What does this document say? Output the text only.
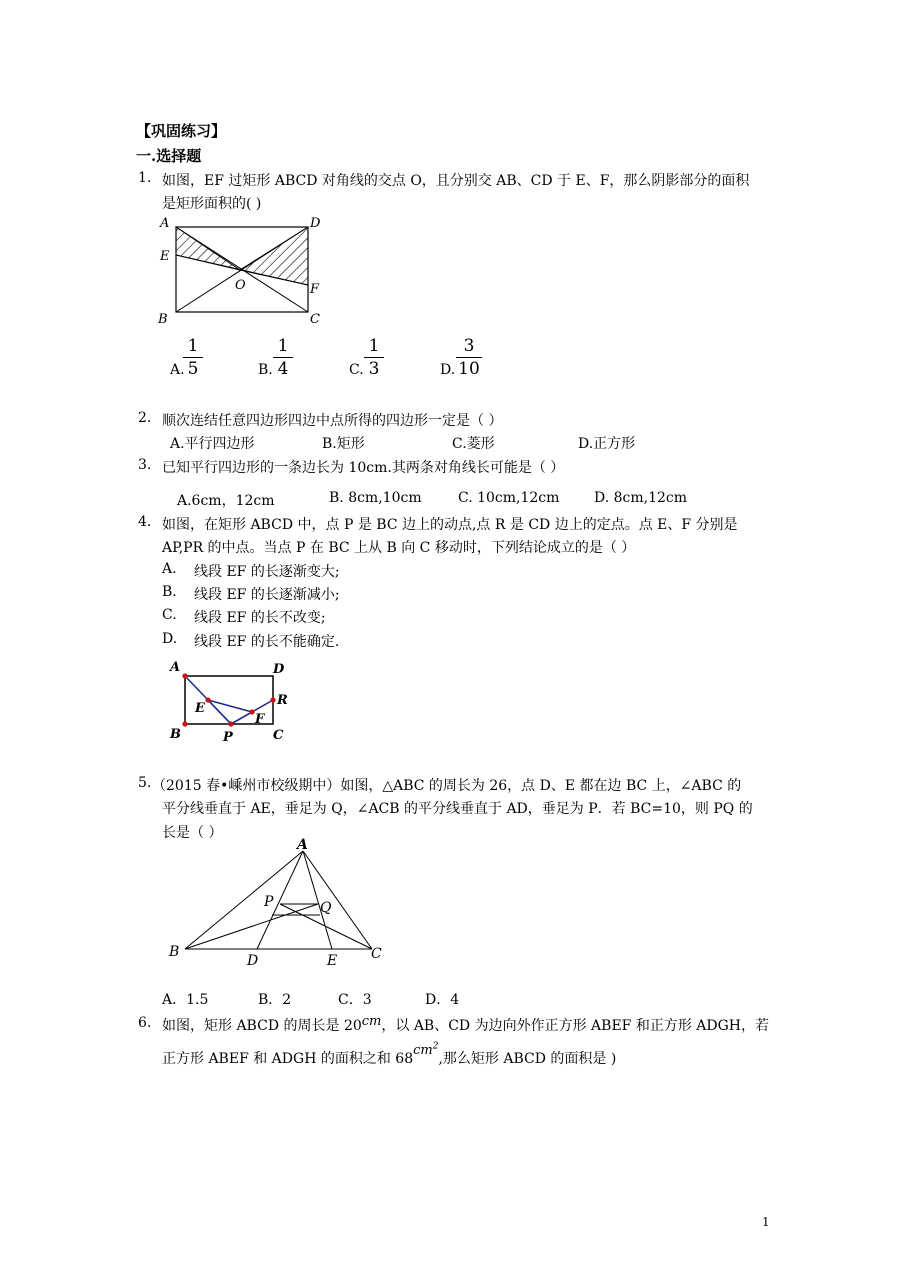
【巩固练习】
一.选择题
1. 如图，EF 过矩形 ABCD 对角线的交点 O，且分别交 AB、CD 于 E、F，那么阴影部分的面积
是矩形面积的( )
A	D
E
O	F
B	C
A.
1
5	B.
1
4	C.
1
3	D.
3
10
2. 顺次连结任意四边形四边中点所得的四边形一定是（ ）
A.平行四边形	B.矩形	C.菱形	D.正方形
3. 已知平行四边形的一条边长为 10cm.其两条对角线长可能是（ ）
A.6cm，12cm	B. 8cm,10cm	C. 10cm,12cm D. 8cm,12cm
4. 如图，在矩形 ABCD 中，点 P 是 BC 边上的动点,点 R 是 CD 边上的定点。点 E、F 分别是
AP,PR 的中点。当点 P 在 BC 上从 B 向 C 移动时，下列结论成立的是（ ）
A. 线段 EF 的长逐渐变大;
B. 线段 EF 的长逐渐减小;
C. 线段 EF 的长不改变;
D. 线段 EF 的长不能确定.
A	D
E
R
F
B	P	C
5. （2015 春•嵊州市校级期中）如图，△ABC 的周长为 26，点 D、E 都在边 BC 上，∠ABC 的
平分线垂直于 AE，垂足为 Q，∠ACB 的平分线垂直于 AD，垂足为 P．若 BC=10，则 PQ 的
长是（ ）
A
P	Q
B
D	E C
A．1.5	B．2	C．3	D．4
6. 如图，矩形 ABCD 的周长是 20cm，以 AB、CD 为边向外作正方形 ABEF 和正方形 ADGH，若
正方形 ABEF 和 ADGH 的面积之和 $68cm^2$,那么矩形 ABCD 的面积是 )
1
